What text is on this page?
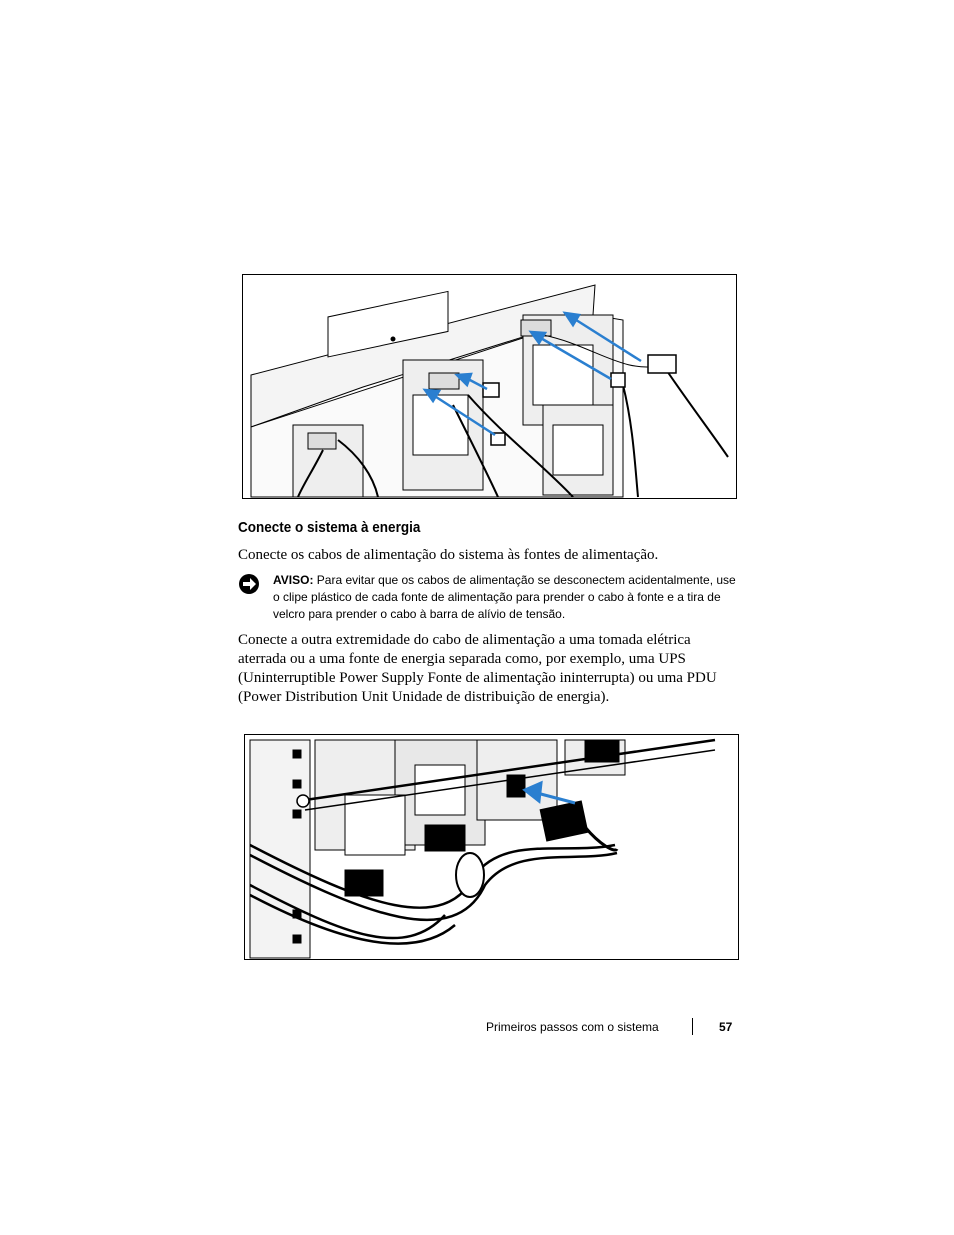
Conecte o sistema à energia

Conecte os cabos de alimentação do sistema às fontes de alimentação.

AVISO: Para evitar que os cabos de alimentação se desconectem acidentalmente, use o clipe plástico de cada fonte de alimentação para prender o cabo à fonte e a tira de velcro para prender o cabo à barra de alívio de tensão.

Conecte a outra extremidade do cabo de alimentação a uma tomada elétrica aterrada ou a uma fonte de energia separada como, por exemplo, uma UPS (Uninterruptible Power Supply Fonte de alimentação ininterrupta) ou uma PDU (Power Distribution Unit Unidade de distribuição de energia).

Primeiros passos com o sistema	57
